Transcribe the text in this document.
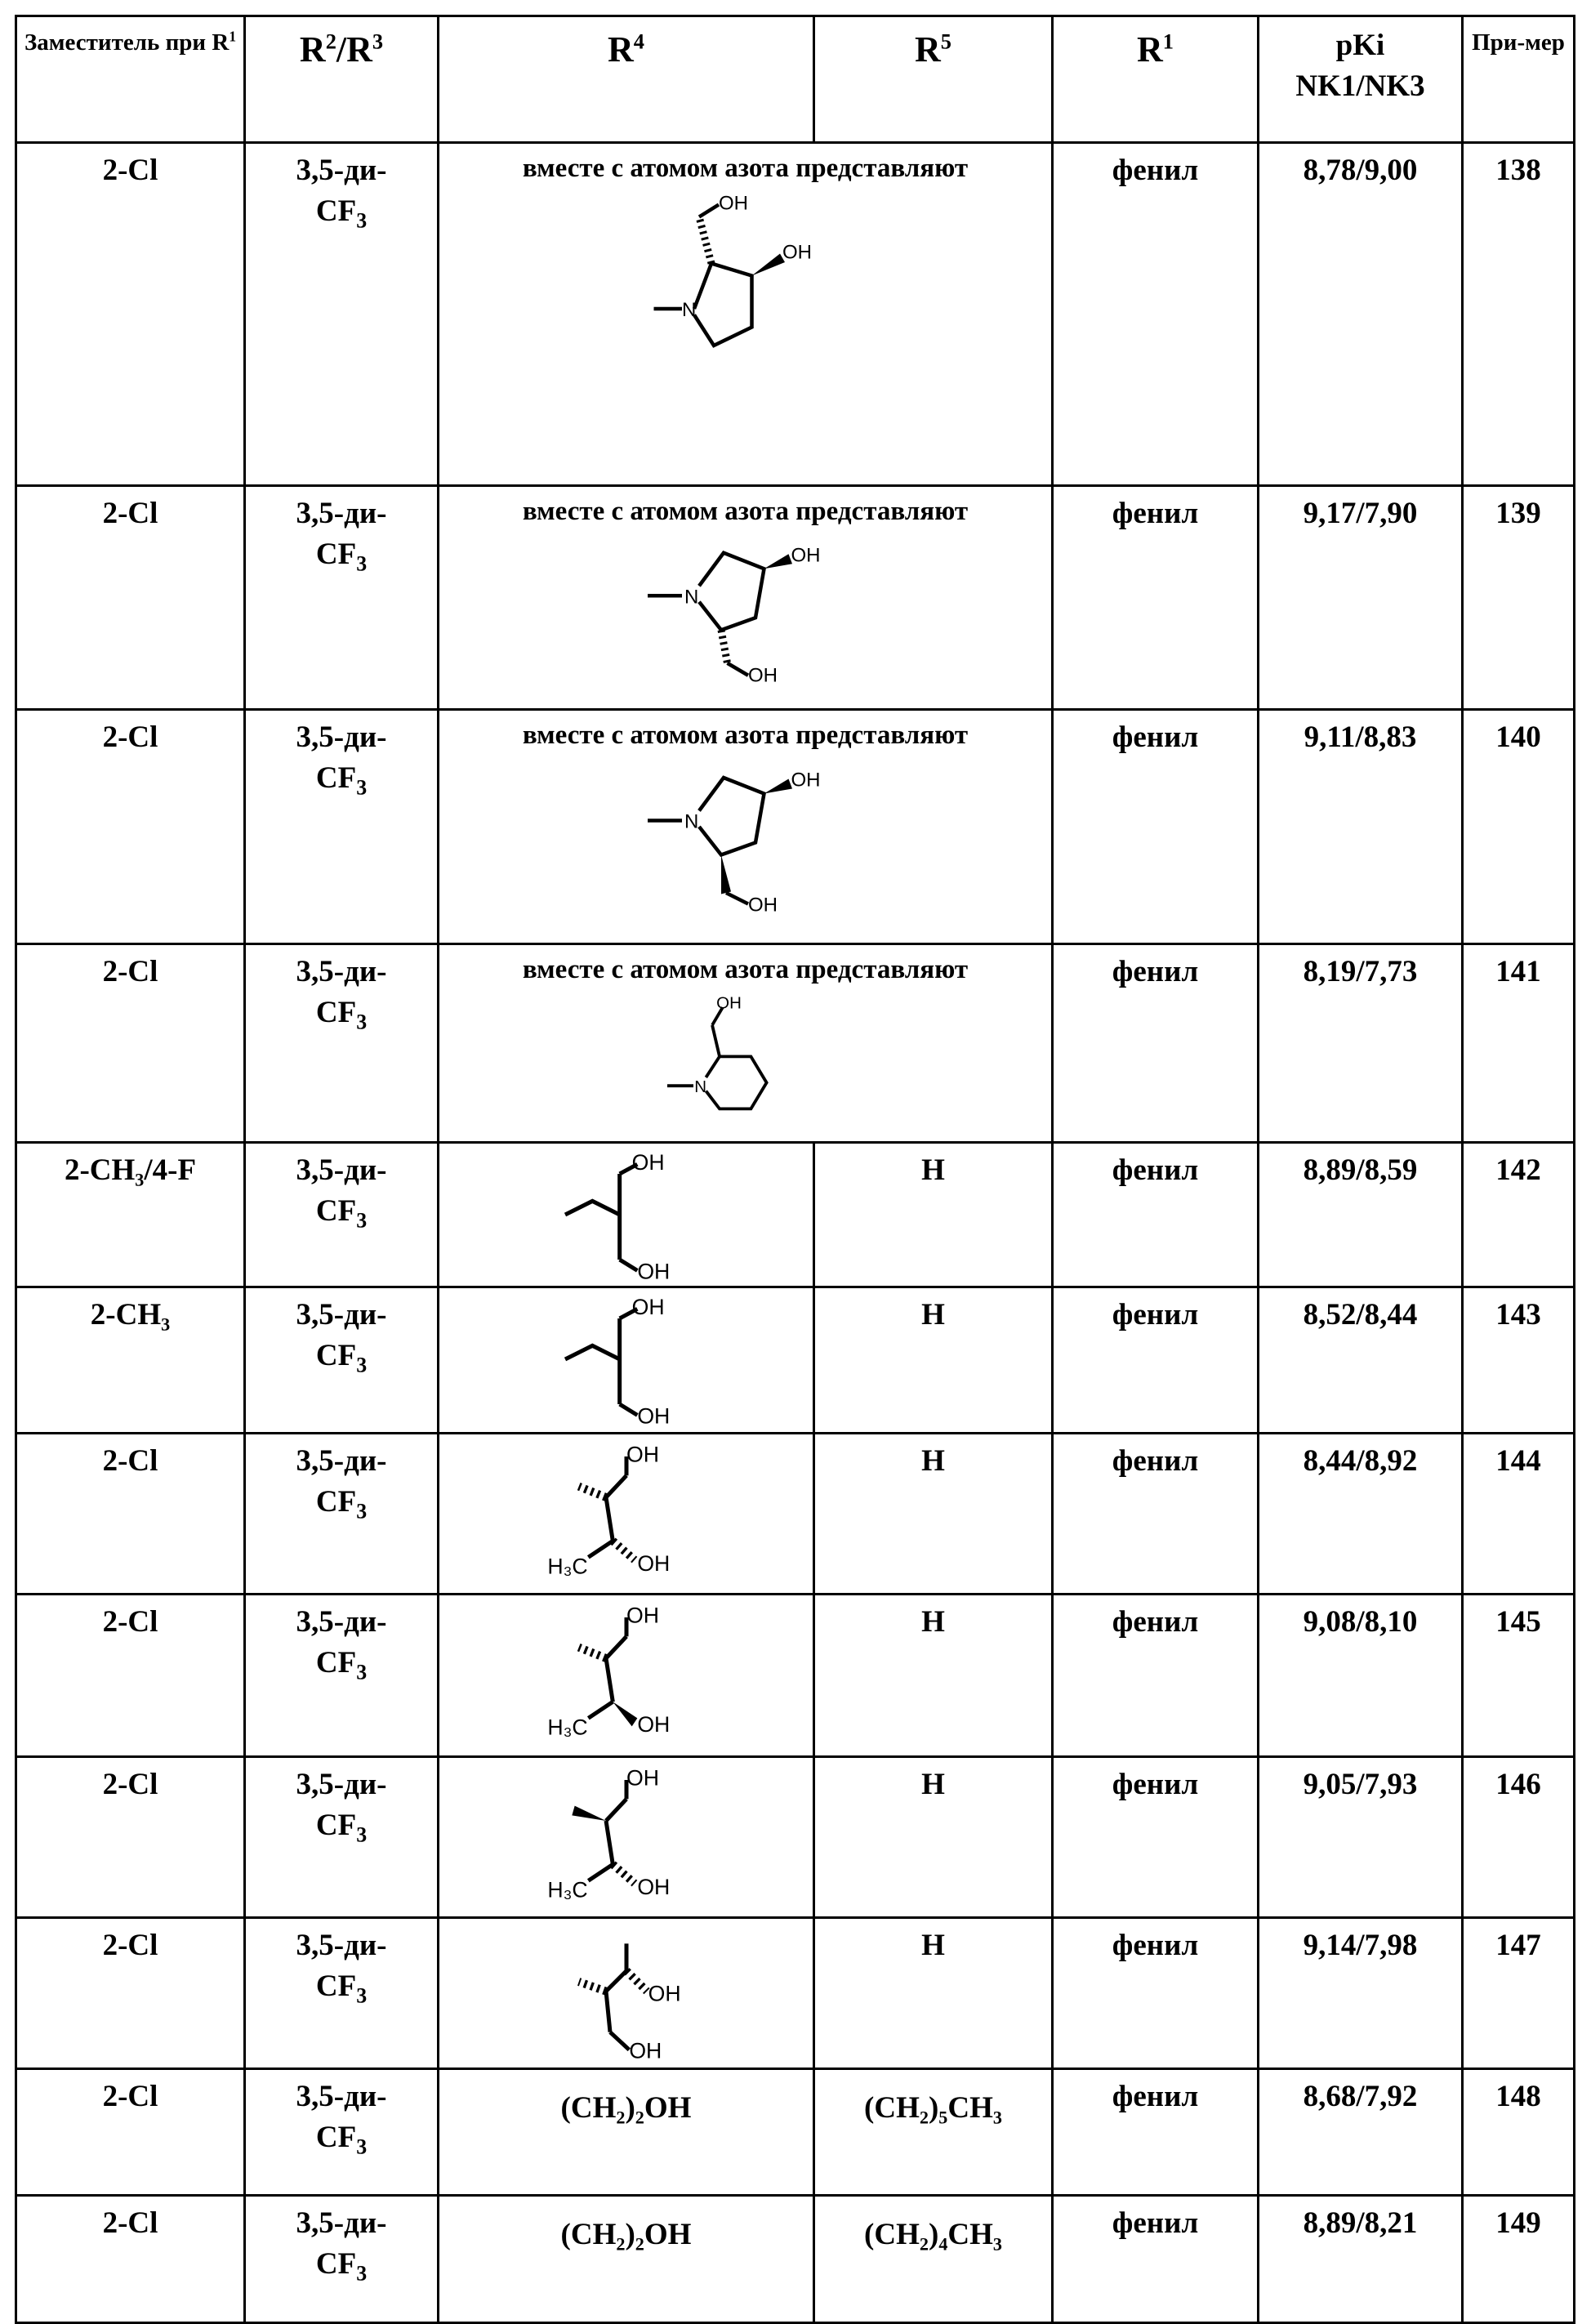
Заместитель при R1	R2/R3	R4	R5	R1	pKi
NK1/NK3	При-мер
2-Cl	3,5-ди-
CF3	
вместе с атомом азота представляют
OH
OH
N
	фенил	8,78/9,00	138
2-Cl	3,5-ди-
CF3	
вместе с атомом азота представляют
OH
OH
N
	фенил	9,17/7,90	139
2-Cl	3,5-ди-
CF3	
вместе с атомом азота представляют
OH
OH
N
	фенил	9,11/8,83	140
2-Cl	3,5-ди-
CF3	
вместе с атомом азота представляют
OH
N
	фенил	8,19/7,73	141
2-CH₃/4-F	3,5-ди-
CF3	
OH
OH
	H	фенил	8,89/8,59	142
2-CH₃	3,5-ди-
CF3	
OH
OH
	H	фенил	8,52/8,44	143
2-Cl	3,5-ди-
CF3	
OH
OH
H₃C
	H	фенил	8,44/8,92	144
2-Cl	3,5-ди-
CF3	
OH
OH
H₃C
	H	фенил	9,08/8,10	145
2-Cl	3,5-ди-
CF3	
OH
OH
H₃C
	H	фенил	9,05/7,93	146
2-Cl	3,5-ди-
CF3	OH
OH
	H	фенил	9,14/7,98	147
2-Cl	3,5-ди-
CF3	
(CH₂)₂OH	(CH₂)₅CH₃	фенил	8,68/7,92	148
2-Cl	3,5-ди-
CF3	
(CH₂)₂OH	(CH₂)₄CH₃	фенил	8,89/8,21	149
